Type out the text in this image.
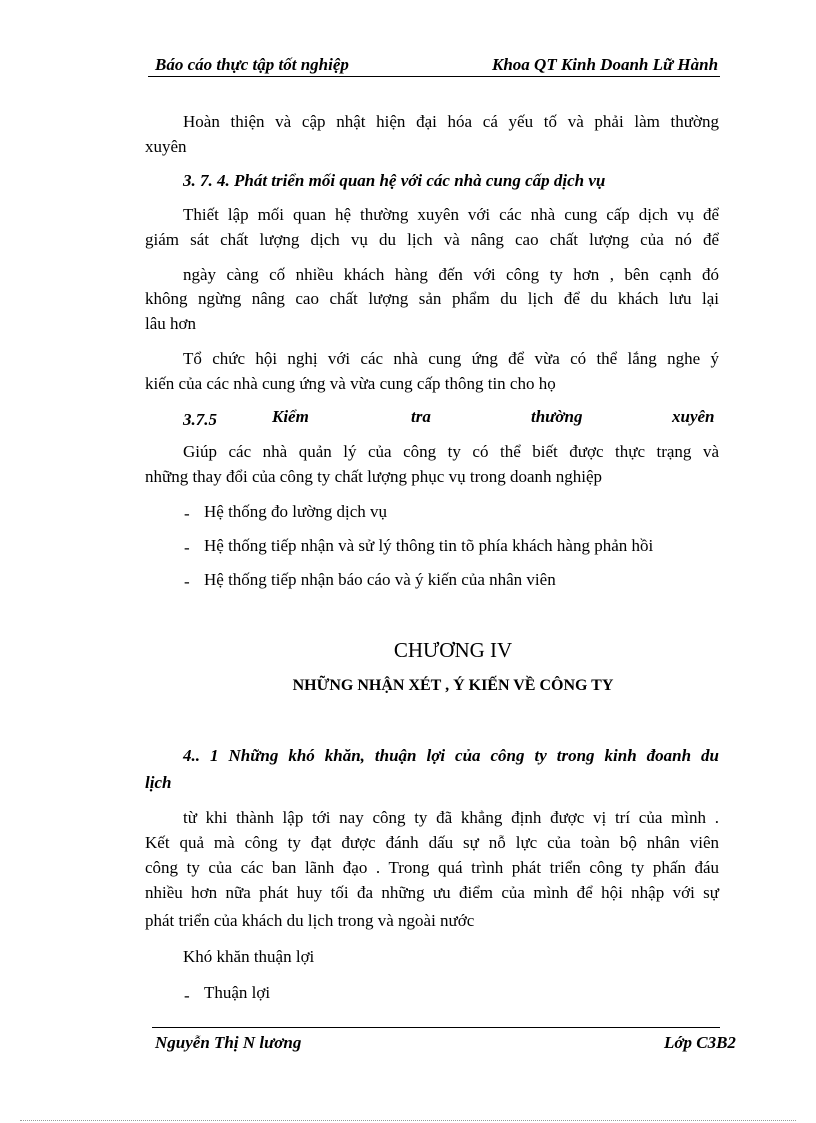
Báo cáo thực tập tốt nghiệp	Khoa QT Kinh Doanh Lữ Hành
Hoàn thiện và cập nhật hiện đại hóa cá yếu tố và phải làm thường
xuyên
3. 7. 4. Phát triển mối quan hệ với các nhà cung cấp dịch vụ
Thiết lập mối quan hệ thường xuyên với các nhà cung cấp dịch vụ để
giám sát chất lượng dịch vụ du lịch và nâng cao chất lượng của nó để
ngày càng cố nhiều khách hàng đến với công ty hơn , bên cạnh đó
không ngừng nâng cao chất lượng sản phẩm du lịch để du khách lưu lại
lâu hơn
Tổ chức hội nghị với các nhà cung ứng để vừa có thể lắng nghe ý
kiến của các nhà cung ứng và vừa cung cấp thông tin cho họ
3.7.5	Kiểm	tra	thường	xuyên
Giúp các nhà quản lý của công ty có thể biết được thực trạng và
những thay đổi của công ty chất lượng phục vụ trong doanh nghiệp
- Hệ thống đo lường dịch vụ
- Hệ thống tiếp nhận và sử lý thông tin tõ phía khách hàng phản hồi
- Hệ thống tiếp nhận báo cáo và ý kiến của nhân viên
CHƯƠNG IV
NHỮNG NHẬN XÉT , Ý KIẾN VỀ CÔNG TY
4.. 1 Những khó khăn, thuận lợi của công ty trong kinh đoanh du
lịch
từ khi thành lập tới nay công ty đã khẳng định được vị trí của mình .
Kết quả mà công ty đạt được đánh dấu sự nỗ lực của toàn bộ nhân viên
công ty của các ban lãnh đạo . Trong quá trình phát triển công ty phấn đáu
nhiều hơn nữa phát huy tối đa những ưu điểm của mình để hội nhập với sự
phát triển của khách du lịch trong và ngoài nước
Khó khăn thuận lợi
- Thuận lợi
Nguyễn Thị N lương	Lớp C3B2
